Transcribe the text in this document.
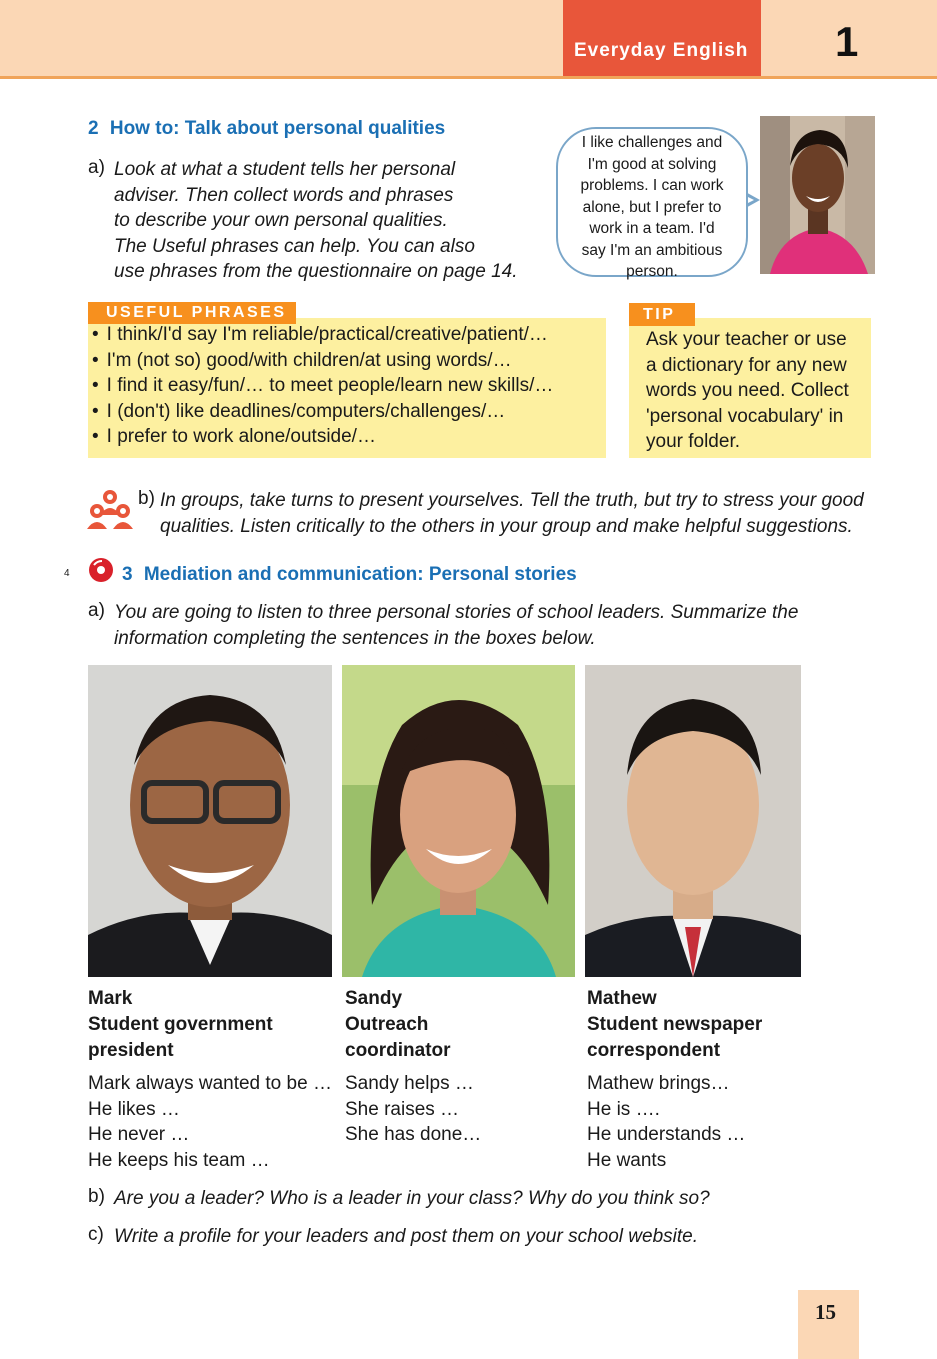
Everyday English 1
2 How to: Talk about personal qualities
a) Look at what a student tells her personal
adviser. Then collect words and phrases
to describe your own personal qualities.
The Useful phrases can help. You can also
use phrases from the questionnaire on page 14.
I like challenges and
I'm good at solving
problems. I can work
alone, but I prefer to
work in a team. I'd
say I'm an ambitious
person.
USEFUL PHRASES
• I think/I'd say I'm reliable/practical/creative/patient/…
• I'm (not so) good/with children/at using words/…
• I find it easy/fun/… to meet people/learn new skills/…
• I (don't) like deadlines/computers/challenges/…
• I prefer to work alone/outside/…
TIP
Ask your teacher or use
a dictionary for any new
words you need. Collect
'personal vocabulary' in
your folder.
b) In groups, take turns to present yourselves. Tell the truth, but try to stress your good
qualities. Listen critically to the others in your group and make helpful suggestions.
4	3 Mediation and communication: Personal stories
a) You are going to listen to three personal stories of school leaders. Summarize the
information completing the sentences in the boxes below.
Mark
Student government
president
Sandy
Outreach
coordinator
Mathew
Student newspaper
correspondent
Mark always wanted to be …
He likes …
He never …
He keeps his team …
Sandy helps …
She raises …
She has done…
Mathew brings…
He is ….
He understands …
He wants
b) Are you a leader? Who is a leader in your class? Why do you think so?
c) Write a profile for your leaders and post them on your school website.
15
